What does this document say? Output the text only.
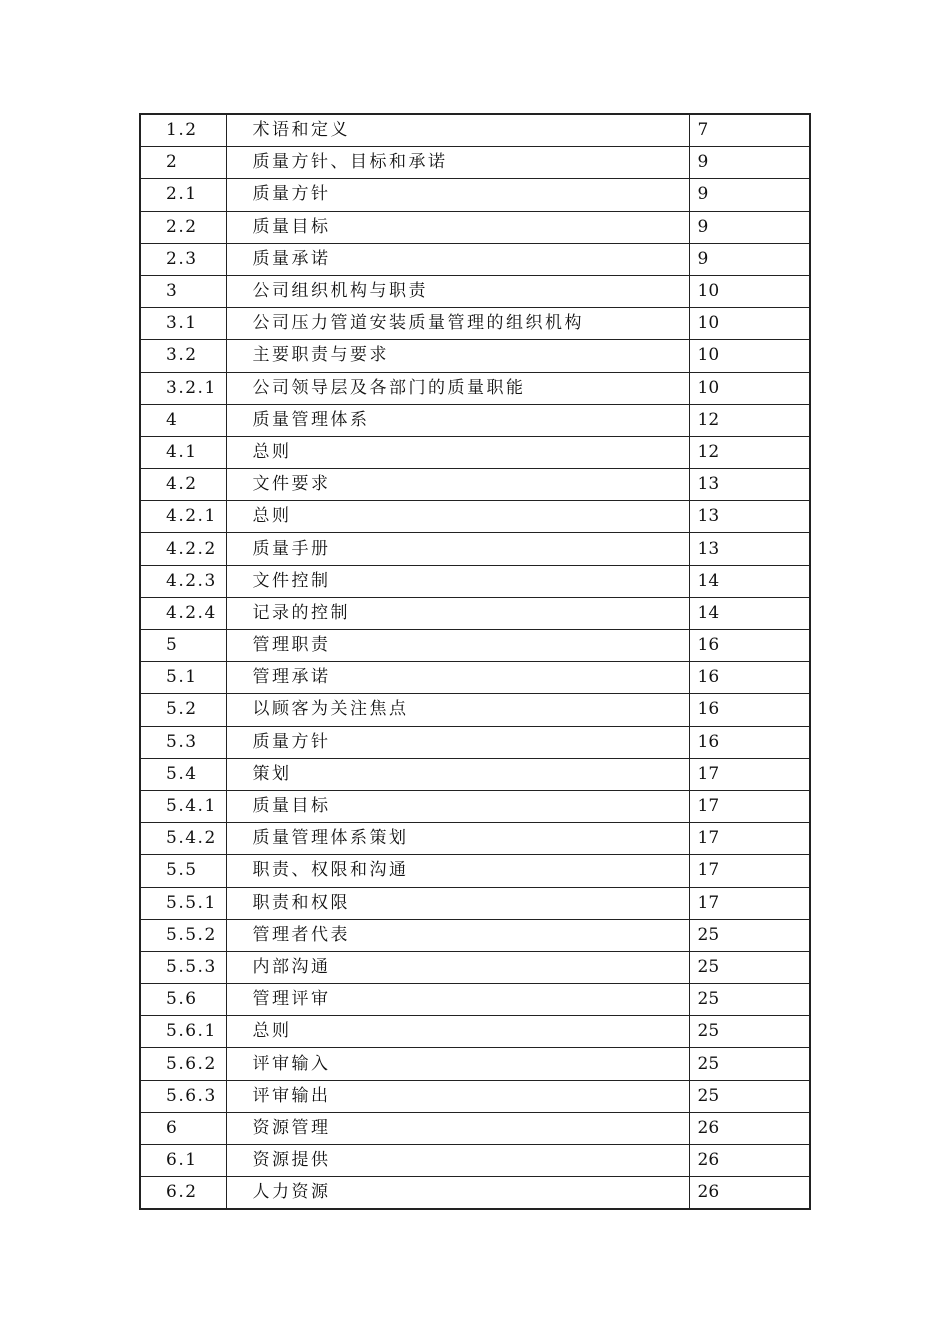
1.2	术语和定义	7
2	质量方针、目标和承诺	9
2.1	质量方针	9
2.2	质量目标	9
2.3	质量承诺	9
3	公司组织机构与职责	10
3.1	公司压力管道安装质量管理的组织机构	10
3.2	主要职责与要求	10
3.2.1	公司领导层及各部门的质量职能	10
4	质量管理体系	12
4.1	总则	12
4.2	文件要求	13
4.2.1	总则	13
4.2.2	质量手册	13
4.2.3	文件控制	14
4.2.4	记录的控制	14
5	管理职责	16
5.1	管理承诺	16
5.2	以顾客为关注焦点	16
5.3	质量方针	16
5.4	策划	17
5.4.1	质量目标	17
5.4.2	质量管理体系策划	17
5.5	职责、权限和沟通	17
5.5.1	职责和权限	17
5.5.2	管理者代表	25
5.5.3	内部沟通	25
5.6	管理评审	25
5.6.1	总则	25
5.6.2	评审输入	25
5.6.3	评审输出	25
6	资源管理	26
6.1	资源提供	26
6.2	人力资源	26
